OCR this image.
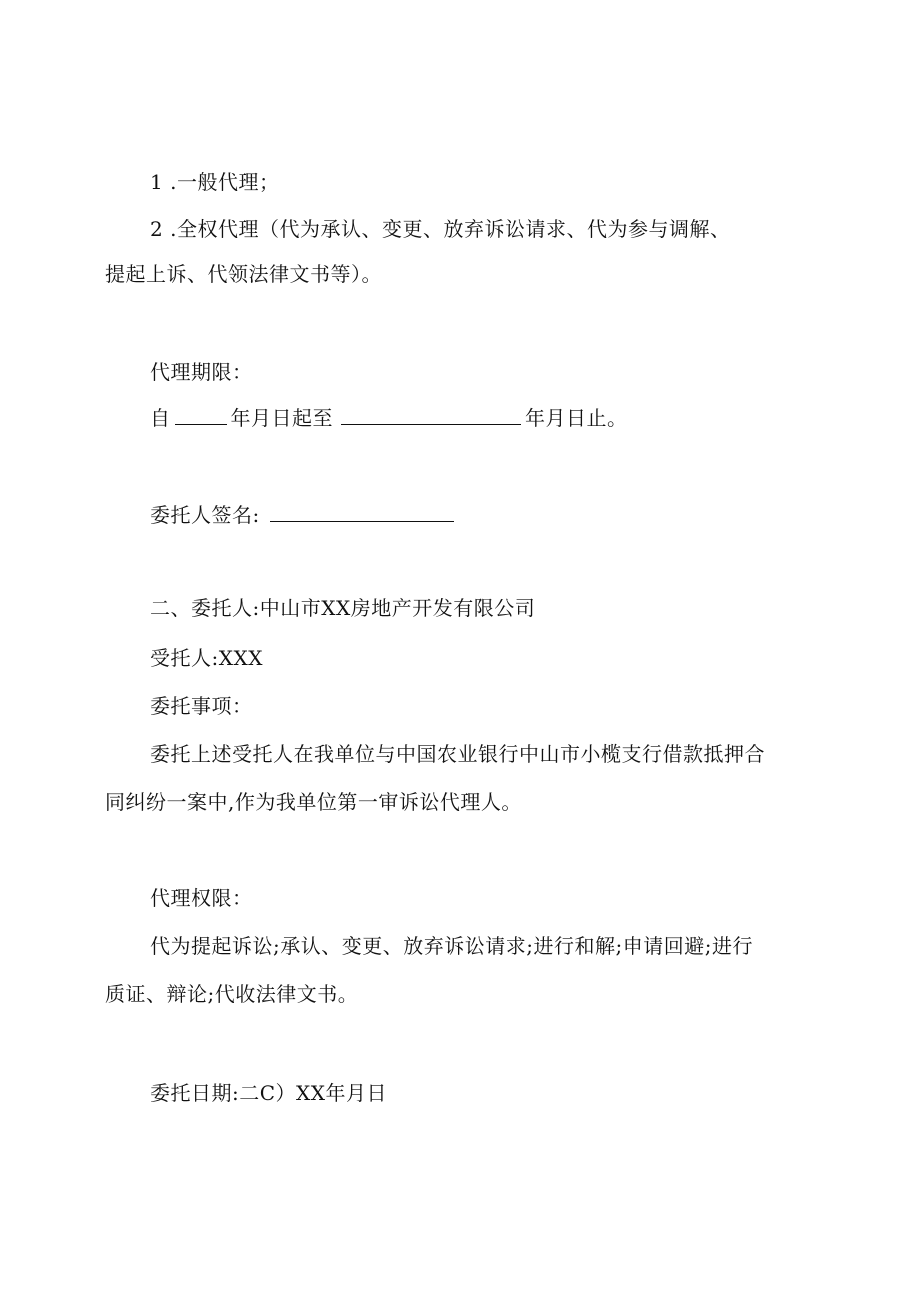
1 .一般代理；
2 .全权代理（代为承认、变更、放弃诉讼请求、代为参与调解、
提起上诉、代领法律文书等）。
代理期限：
自	年月日起至	年月日止。
委托人签名:
二、委托人:中山市XX房地产开发有限公司
受托人:XXX
委托事项：
委托上述受托人在我单位与中国农业银行中山市小榄支行借款抵押合
同纠纷一案中,作为我单位第一审诉讼代理人。
代理权限：
代为提起诉讼;承认、变更、放弃诉讼请求;进行和解;申请回避;进行
质证、辩论;代收法律文书。
委托日期:二C）XX年月日
